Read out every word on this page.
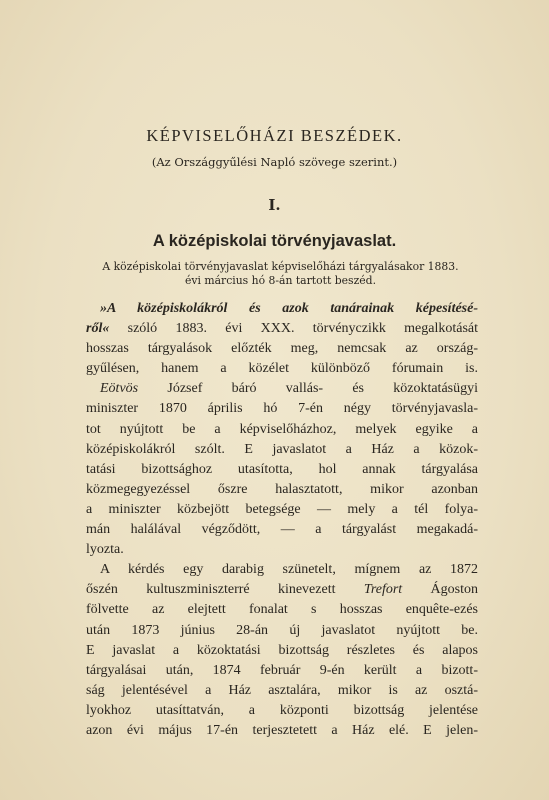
KÉPVISELŐHÁZI BESZÉDEK.
(Az Országgyűlési Napló szövege szerint.)
I.
A középiskolai törvényjavaslat.
A középiskolai törvényjavaslat képviselőházi tárgyalásakor 1883.
évi március hó 8-án tartott beszéd.
»A középiskolákról és azok tanárainak képesítésé-
ről« szóló 1883. évi XXX. törvényczikk megalkotását
hosszas tárgyalások előzték meg, nemcsak az ország-
gyűlésen, hanem a közélet különböző fórumain is.
Eötvös József báró vallás- és közoktatásügyi
miniszter 1870 április hó 7-én négy törvényjavasla-
tot nyújtott be a képviselőházhoz, melyek egyike a
középiskolákról szólt. E javaslatot a Ház a közok-
tatási bizottsághoz utasította, hol annak tárgyalása
közmegegyezéssel őszre halasztatott, mikor azonban
a miniszter közbejött betegsége — mely a tél folya-
mán halálával végződött, — a tárgyalást megakadá-
lyozta.
A kérdés egy darabig szünetelt, mígnem az 1872
őszén kultuszminiszterré kinevezett Trefort Ágoston
fölvette az elejtett fonalat s hosszas enquête-ezés
után 1873 június 28-án új javaslatot nyújtott be.
E javaslat a közoktatási bizottság részletes és alapos
tárgyalásai után, 1874 február 9-én került a bizott-
ság jelentésével a Ház asztalára, mikor is az osztá-
lyokhoz utasíttatván, a központi bizottság jelentése
azon évi május 17-én terjesztetett a Ház elé. E jelen-
